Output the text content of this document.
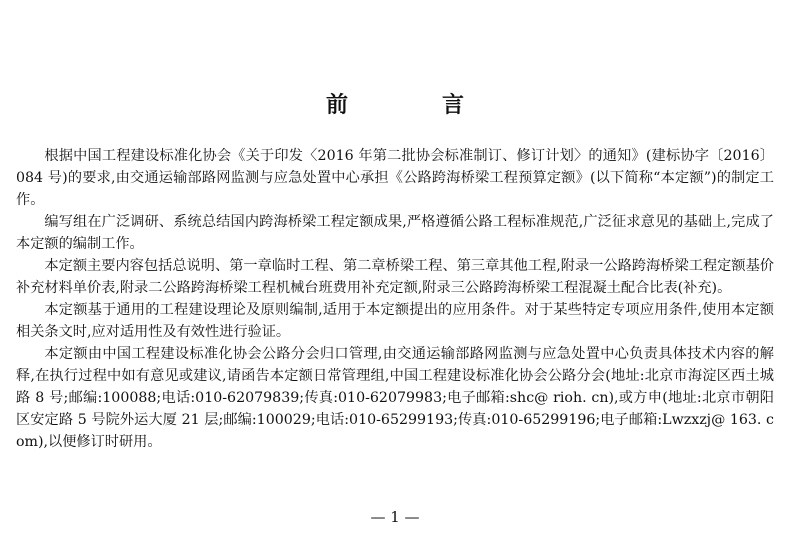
前　言

根据中国工程建设标准化协会《关于印发〈2016 年第二批协会标准制订、修订计划〉的通知》(建标协字〔2016〕084 号)的要求,由交通运输部路网监测与应急处置中心承担《公路跨海桥梁工程预算定额》(以下简称“本定额”)的制定工作。

编写组在广泛调研、系统总结国内跨海桥梁工程定额成果,严格遵循公路工程标准规范,广泛征求意见的基础上,完成了本定额的编制工作。

本定额主要内容包括总说明、第一章临时工程、第二章桥梁工程、第三章其他工程,附录一公路跨海桥梁工程定额基价补充材料单价表,附录二公路跨海桥梁工程机械台班费用补充定额,附录三公路跨海桥梁工程混凝土配合比表(补充)。

本定额基于通用的工程建设理论及原则编制,适用于本定额提出的应用条件。对于某些特定专项应用条件,使用本定额相关条文时,应对适用性及有效性进行验证。

本定额由中国工程建设标准化协会公路分会归口管理,由交通运输部路网监测与应急处置中心负责具体技术内容的解释,在执行过程中如有意见或建议,请函告本定额日常管理组,中国工程建设标准化协会公路分会(地址:北京市海淀区西土城路 8 号;邮编:100088;电话:010-62079839;传真:010-62079983;电子邮箱:shc@ rioh. cn),或方申(地址:北京市朝阳区安定路 5 号院外运大厦 21 层;邮编:100029;电话:010-65299193;传真:010-65299196;电子邮箱:Lwzxzj@ 163. com),以便修订时研用。

— 1 —
